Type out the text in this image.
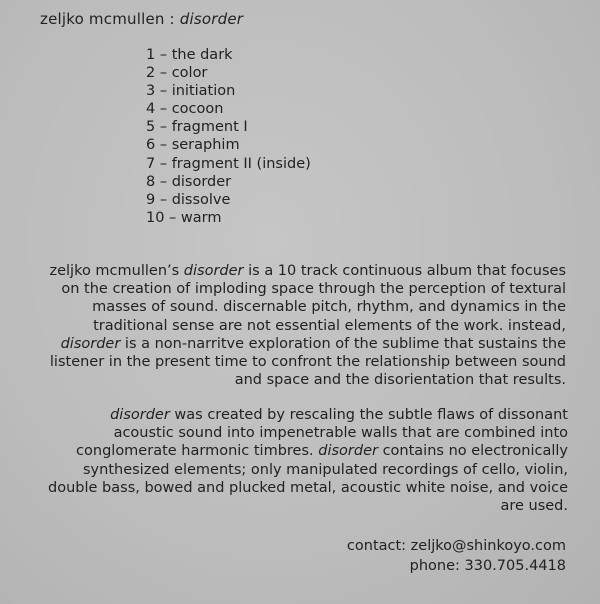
zeljko mcmullen : disorder
1 – the dark
2 – color
3 – initiation
4 – cocoon
5 – fragment I
6 – seraphim
7 – fragment II (inside)
8 – disorder
9 – dissolve
10 – warm
zeljko mcmullen’s disorder is a 10 track continuous album that focuses
on the creation of imploding space through the perception of textural
masses of sound. discernable pitch, rhythm, and dynamics in the
traditional sense are not essential elements of the work. instead,
disorder is a non-narritve exploration of the sublime that sustains the
listener in the present time to confront the relationship between sound
and space and the disorientation that results.
disorder was created by rescaling the subtle flaws of dissonant
acoustic sound into impenetrable walls that are combined into
conglomerate harmonic timbres. disorder contains no electronically
synthesized elements; only manipulated recordings of cello, violin,
double bass, bowed and plucked metal, acoustic white noise, and voice
are used.
contact: zeljko@shinkoyo.com
phone: 330.705.4418
